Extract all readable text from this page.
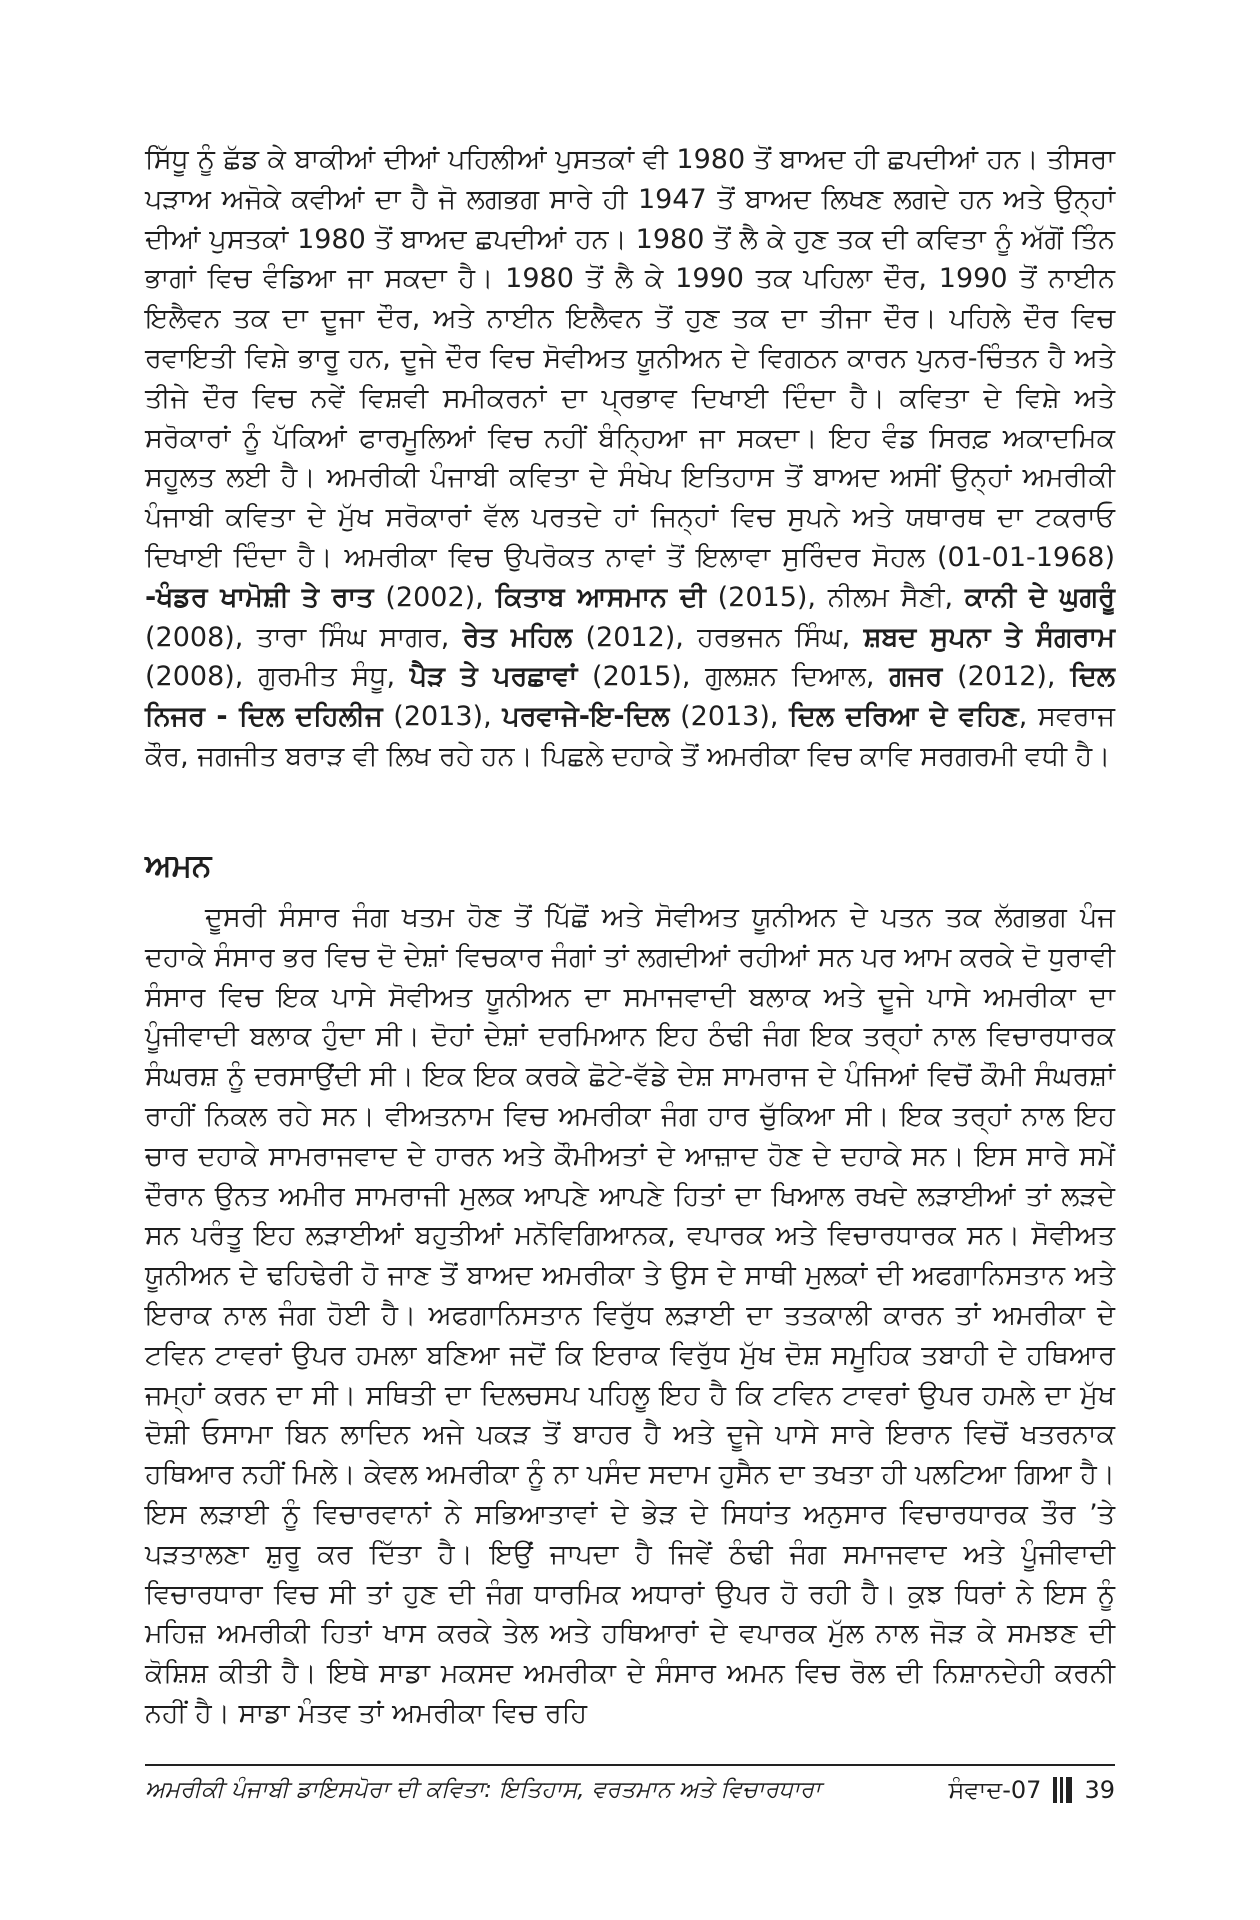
ਸਿੱਧੂ ਨੂੰ ਛੱਡ ਕੇ ਬਾਕੀਆਂ ਦੀਆਂ ਪਹਿਲੀਆਂ ਪੁਸਤਕਾਂ ਵੀ 1980 ਤੋਂ ਬਾਅਦ ਹੀ ਛਪਦੀਆਂ ਹਨ। ਤੀਸਰਾ ਪੜਾਅ ਅਜੋਕੇ ਕਵੀਆਂ ਦਾ ਹੈ ਜੋ ਲਗਭਗ ਸਾਰੇ ਹੀ 1947 ਤੋਂ ਬਾਅਦ ਲਿਖਣ ਲਗਦੇ ਹਨ ਅਤੇ ਉਨ੍ਹਾਂ ਦੀਆਂ ਪੁਸਤਕਾਂ 1980 ਤੋਂ ਬਾਅਦ ਛਪਦੀਆਂ ਹਨ। 1980 ਤੋਂ ਲੈ ਕੇ ਹੁਣ ਤਕ ਦੀ ਕਵਿਤਾ ਨੂੰ ਅੱਗੋਂ ਤਿੰਨ ਭਾਗਾਂ ਵਿਚ ਵੰਡਿਆ ਜਾ ਸਕਦਾ ਹੈ। 1980 ਤੋਂ ਲੈ ਕੇ 1990 ਤਕ ਪਹਿਲਾ ਦੌਰ, 1990 ਤੋਂ ਨਾਈਨ ਇਲੈਵਨ ਤਕ ਦਾ ਦੂਜਾ ਦੌਰ, ਅਤੇ ਨਾਈਨ ਇਲੈਵਨ ਤੋਂ ਹੁਣ ਤਕ ਦਾ ਤੀਜਾ ਦੌਰ। ਪਹਿਲੇ ਦੌਰ ਵਿਚ ਰਵਾਇਤੀ ਵਿਸ਼ੇ ਭਾਰੂ ਹਨ, ਦੂਜੇ ਦੌਰ ਵਿਚ ਸੋਵੀਅਤ ਯੂਨੀਅਨ ਦੇ ਵਿਗਠਨ ਕਾਰਨ ਪੁਨਰ-ਚਿੰਤਨ ਹੈ ਅਤੇ ਤੀਜੇ ਦੌਰ ਵਿਚ ਨਵੇਂ ਵਿਸ਼ਵੀ ਸਮੀਕਰਨਾਂ ਦਾ ਪ੍ਰਭਾਵ ਦਿਖਾਈ ਦਿੰਦਾ ਹੈ। ਕਵਿਤਾ ਦੇ ਵਿਸ਼ੇ ਅਤੇ ਸਰੋਕਾਰਾਂ ਨੂੰ ਪੱਕਿਆਂ ਫਾਰਮੂਲਿਆਂ ਵਿਚ ਨਹੀਂ ਬੰਨ੍ਹਿਆ ਜਾ ਸਕਦਾ। ਇਹ ਵੰਡ ਸਿਰਫ਼ ਅਕਾਦਮਿਕ ਸਹੂਲਤ ਲਈ ਹੈ। ਅਮਰੀਕੀ ਪੰਜਾਬੀ ਕਵਿਤਾ ਦੇ ਸੰਖੇਪ ਇਤਿਹਾਸ ਤੋਂ ਬਾਅਦ ਅਸੀਂ ਉਨ੍ਹਾਂ ਅਮਰੀਕੀ ਪੰਜਾਬੀ ਕਵਿਤਾ ਦੇ ਮੁੱਖ ਸਰੋਕਾਰਾਂ ਵੱਲ ਪਰਤਦੇ ਹਾਂ ਜਿਨ੍ਹਾਂ ਵਿਚ ਸੁਪਨੇ ਅਤੇ ਯਥਾਰਥ ਦਾ ਟਕਰਾਓ ਦਿਖਾਈ ਦਿੰਦਾ ਹੈ। ਅਮਰੀਕਾ ਵਿਚ ਉਪਰੋਕਤ ਨਾਵਾਂ ਤੋਂ ਇਲਾਵਾ ਸੁਰਿੰਦਰ ਸੋਹਲ (01-01-1968) -ਖੰਡਰ ਖਾਮੋਸ਼ੀ ਤੇ ਰਾਤ (2002), ਕਿਤਾਬ ਆਸਮਾਨ ਦੀ (2015), ਨੀਲਮ ਸੈਣੀ, ਕਾਨੀ ਦੇ ਘੁਗਰੂੰ (2008), ਤਾਰਾ ਸਿੰਘ ਸਾਗਰ, ਰੇਤ ਮਹਿਲ (2012), ਹਰਭਜਨ ਸਿੰਘ, ਸ਼ਬਦ ਸੁਪਨਾ ਤੇ ਸੰਗਰਾਮ (2008), ਗੁਰਮੀਤ ਸੰਧੂ, ਪੈੜ ਤੇ ਪਰਛਾਵਾਂ (2015), ਗੁਲਸ਼ਨ ਦਿਆਲ, ਗਜਰ (2012), ਦਿਲ ਨਿਜਰ - ਦਿਲ ਦਹਿਲੀਜ (2013), ਪਰਵਾਜੇ-ਇ-ਦਿਲ (2013), ਦਿਲ ਦਰਿਆ ਦੇ ਵਹਿਣ, ਸਵਰਾਜ ਕੌਰ, ਜਗਜੀਤ ਬਰਾੜ ਵੀ ਲਿਖ ਰਹੇ ਹਨ। ਪਿਛਲੇ ਦਹਾਕੇ ਤੋਂ ਅਮਰੀਕਾ ਵਿਚ ਕਾਵਿ ਸਰਗਰਮੀ ਵਧੀ ਹੈ।
ਅਮਨ
ਦੂਸਰੀ ਸੰਸਾਰ ਜੰਗ ਖਤਮ ਹੋਣ ਤੋਂ ਪਿੱਛੋਂ ਅਤੇ ਸੋਵੀਅਤ ਯੂਨੀਅਨ ਦੇ ਪਤਨ ਤਕ ਲੱਗਭਗ ਪੰਜ ਦਹਾਕੇ ਸੰਸਾਰ ਭਰ ਵਿਚ ਦੋ ਦੇਸ਼ਾਂ ਵਿਚਕਾਰ ਜੰਗਾਂ ਤਾਂ ਲਗਦੀਆਂ ਰਹੀਆਂ ਸਨ ਪਰ ਆਮ ਕਰਕੇ ਦੋ ਧੁਰਾਵੀ ਸੰਸਾਰ ਵਿਚ ਇਕ ਪਾਸੇ ਸੋਵੀਅਤ ਯੂਨੀਅਨ ਦਾ ਸਮਾਜਵਾਦੀ ਬਲਾਕ ਅਤੇ ਦੂਜੇ ਪਾਸੇ ਅਮਰੀਕਾ ਦਾ ਪੂੰਜੀਵਾਦੀ ਬਲਾਕ ਹੁੰਦਾ ਸੀ। ਦੋਹਾਂ ਦੇਸ਼ਾਂ ਦਰਮਿਆਨ ਇਹ ਠੰਢੀ ਜੰਗ ਇਕ ਤਰ੍ਹਾਂ ਨਾਲ ਵਿਚਾਰਧਾਰਕ ਸੰਘਰਸ਼ ਨੂੰ ਦਰਸਾਉਂਦੀ ਸੀ। ਇਕ ਇਕ ਕਰਕੇ ਛੋਟੇ-ਵੱਡੇ ਦੇਸ਼ ਸਾਮਰਾਜ ਦੇ ਪੰਜਿਆਂ ਵਿਚੋਂ ਕੌਮੀ ਸੰਘਰਸ਼ਾਂ ਰਾਹੀਂ ਨਿਕਲ ਰਹੇ ਸਨ। ਵੀਅਤਨਾਮ ਵਿਚ ਅਮਰੀਕਾ ਜੰਗ ਹਾਰ ਚੁੱਕਿਆ ਸੀ। ਇਕ ਤਰ੍ਹਾਂ ਨਾਲ ਇਹ ਚਾਰ ਦਹਾਕੇ ਸਾਮਰਾਜਵਾਦ ਦੇ ਹਾਰਨ ਅਤੇ ਕੌਮੀਅਤਾਂ ਦੇ ਆਜ਼ਾਦ ਹੋਣ ਦੇ ਦਹਾਕੇ ਸਨ। ਇਸ ਸਾਰੇ ਸਮੇਂ ਦੌਰਾਨ ਉਨਤ ਅਮੀਰ ਸਾਮਰਾਜੀ ਮੁਲਕ ਆਪਣੇ ਆਪਣੇ ਹਿਤਾਂ ਦਾ ਖਿਆਲ ਰਖਦੇ ਲੜਾਈਆਂ ਤਾਂ ਲੜਦੇ ਸਨ ਪਰੰਤੂ ਇਹ ਲੜਾਈਆਂ ਬਹੁਤੀਆਂ ਮਨੋਵਿਗਿਆਨਕ, ਵਪਾਰਕ ਅਤੇ ਵਿਚਾਰਧਾਰਕ ਸਨ। ਸੋਵੀਅਤ ਯੂਨੀਅਨ ਦੇ ਢਹਿਢੇਰੀ ਹੋ ਜਾਣ ਤੋਂ ਬਾਅਦ ਅਮਰੀਕਾ ਤੇ ਉਸ ਦੇ ਸਾਥੀ ਮੁਲਕਾਂ ਦੀ ਅਫਗਾਨਿਸਤਾਨ ਅਤੇ ਇਰਾਕ ਨਾਲ ਜੰਗ ਹੋਈ ਹੈ। ਅਫਗਾਨਿਸਤਾਨ ਵਿਰੁੱਧ ਲੜਾਈ ਦਾ ਤਤਕਾਲੀ ਕਾਰਨ ਤਾਂ ਅਮਰੀਕਾ ਦੇ ਟਵਿਨ ਟਾਵਰਾਂ ਉਪਰ ਹਮਲਾ ਬਣਿਆ ਜਦੋਂ ਕਿ ਇਰਾਕ ਵਿਰੁੱਧ ਮੁੱਖ ਦੋਸ਼ ਸਮੂਹਿਕ ਤਬਾਹੀ ਦੇ ਹਥਿਆਰ ਜਮ੍ਹਾਂ ਕਰਨ ਦਾ ਸੀ। ਸਥਿਤੀ ਦਾ ਦਿਲਚਸਪ ਪਹਿਲੂ ਇਹ ਹੈ ਕਿ ਟਵਿਨ ਟਾਵਰਾਂ ਉਪਰ ਹਮਲੇ ਦਾ ਮੁੱਖ ਦੋਸ਼ੀ ਓਸਾਮਾ ਬਿਨ ਲਾਦਿਨ ਅਜੇ ਪਕੜ ਤੋਂ ਬਾਹਰ ਹੈ ਅਤੇ ਦੂਜੇ ਪਾਸੇ ਸਾਰੇ ਇਰਾਨ ਵਿਚੋਂ ਖਤਰਨਾਕ ਹਥਿਆਰ ਨਹੀਂ ਮਿਲੇ। ਕੇਵਲ ਅਮਰੀਕਾ ਨੂੰ ਨਾ ਪਸੰਦ ਸਦਾਮ ਹੁਸੈਨ ਦਾ ਤਖਤਾ ਹੀ ਪਲਟਿਆ ਗਿਆ ਹੈ। ਇਸ ਲੜਾਈ ਨੂੰ ਵਿਚਾਰਵਾਨਾਂ ਨੇ ਸਭਿਆਤਾਵਾਂ ਦੇ ਭੇੜ ਦੇ ਸਿਧਾਂਤ ਅਨੁਸਾਰ ਵਿਚਾਰਧਾਰਕ ਤੌਰ ’ਤੇ ਪੜਤਾਲਣਾ ਸ਼ੁਰੂ ਕਰ ਦਿੱਤਾ ਹੈ। ਇਉਂ ਜਾਪਦਾ ਹੈ ਜਿਵੇਂ ਠੰਢੀ ਜੰਗ ਸਮਾਜਵਾਦ ਅਤੇ ਪੂੰਜੀਵਾਦੀ ਵਿਚਾਰਧਾਰਾ ਵਿਚ ਸੀ ਤਾਂ ਹੁਣ ਦੀ ਜੰਗ ਧਾਰਮਿਕ ਅਧਾਰਾਂ ਉਪਰ ਹੋ ਰਹੀ ਹੈ। ਕੁਝ ਧਿਰਾਂ ਨੇ ਇਸ ਨੂੰ ਮਹਿਜ਼ ਅਮਰੀਕੀ ਹਿਤਾਂ ਖਾਸ ਕਰਕੇ ਤੇਲ ਅਤੇ ਹਥਿਆਰਾਂ ਦੇ ਵਪਾਰਕ ਮੁੱਲ ਨਾਲ ਜੋੜ ਕੇ ਸਮਝਣ ਦੀ ਕੋਸ਼ਿਸ਼ ਕੀਤੀ ਹੈ। ਇਥੇ ਸਾਡਾ ਮਕਸਦ ਅਮਰੀਕਾ ਦੇ ਸੰਸਾਰ ਅਮਨ ਵਿਚ ਰੋਲ ਦੀ ਨਿਸ਼ਾਨਦੇਹੀ ਕਰਨੀ ਨਹੀਂ ਹੈ। ਸਾਡਾ ਮੰਤਵ ਤਾਂ ਅਮਰੀਕਾ ਵਿਚ ਰਹਿ
ਅਮਰੀਕੀ ਪੰਜਾਬੀ ਡਾਇਸਪੋਰਾ ਦੀ ਕਵਿਤਾ: ਇਤਿਹਾਸ, ਵਰਤਮਾਨ ਅਤੇ ਵਿਚਾਰਧਾਰਾ	ਸੰਵਾਦ-07 39
